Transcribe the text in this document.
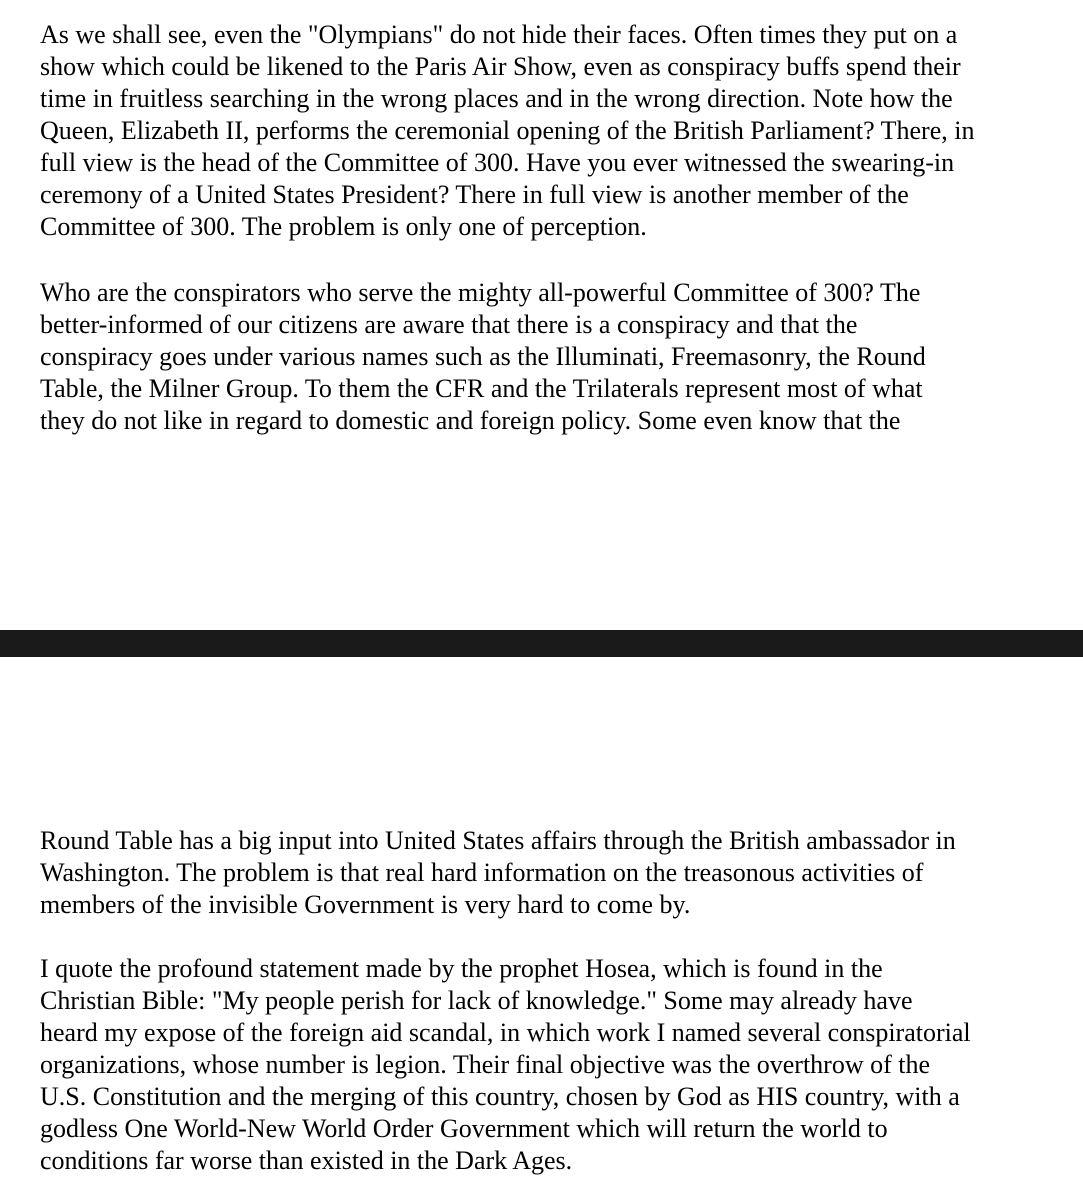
As we shall see, even the "Olympians" do not hide their faces. Often times they put on a
show which could be likened to the Paris Air Show, even as conspiracy buffs spend their
time in fruitless searching in the wrong places and in the wrong direction. Note how the
Queen, Elizabeth II, performs the ceremonial opening of the British Parliament? There, in
full view is the head of the Committee of 300. Have you ever witnessed the swearing-in
ceremony of a United States President? There in full view is another member of the
Committee of 300. The problem is only one of perception.

Who are the conspirators who serve the mighty all-powerful Committee of 300? The
better-informed of our citizens are aware that there is a conspiracy and that the
conspiracy goes under various names such as the Illuminati, Freemasonry, the Round
Table, the Milner Group. To them the CFR and the Trilaterals represent most of what
they do not like in regard to domestic and foreign policy. Some even know that the

Round Table has a big input into United States affairs through the British ambassador in
Washington. The problem is that real hard information on the treasonous activities of
members of the invisible Government is very hard to come by.

I quote the profound statement made by the prophet Hosea, which is found in the
Christian Bible: "My people perish for lack of knowledge." Some may already have
heard my expose of the foreign aid scandal, in which work I named several conspiratorial
organizations, whose number is legion. Their final objective was the overthrow of the
U.S. Constitution and the merging of this country, chosen by God as HIS country, with a
godless One World-New World Order Government which will return the world to
conditions far worse than existed in the Dark Ages.
